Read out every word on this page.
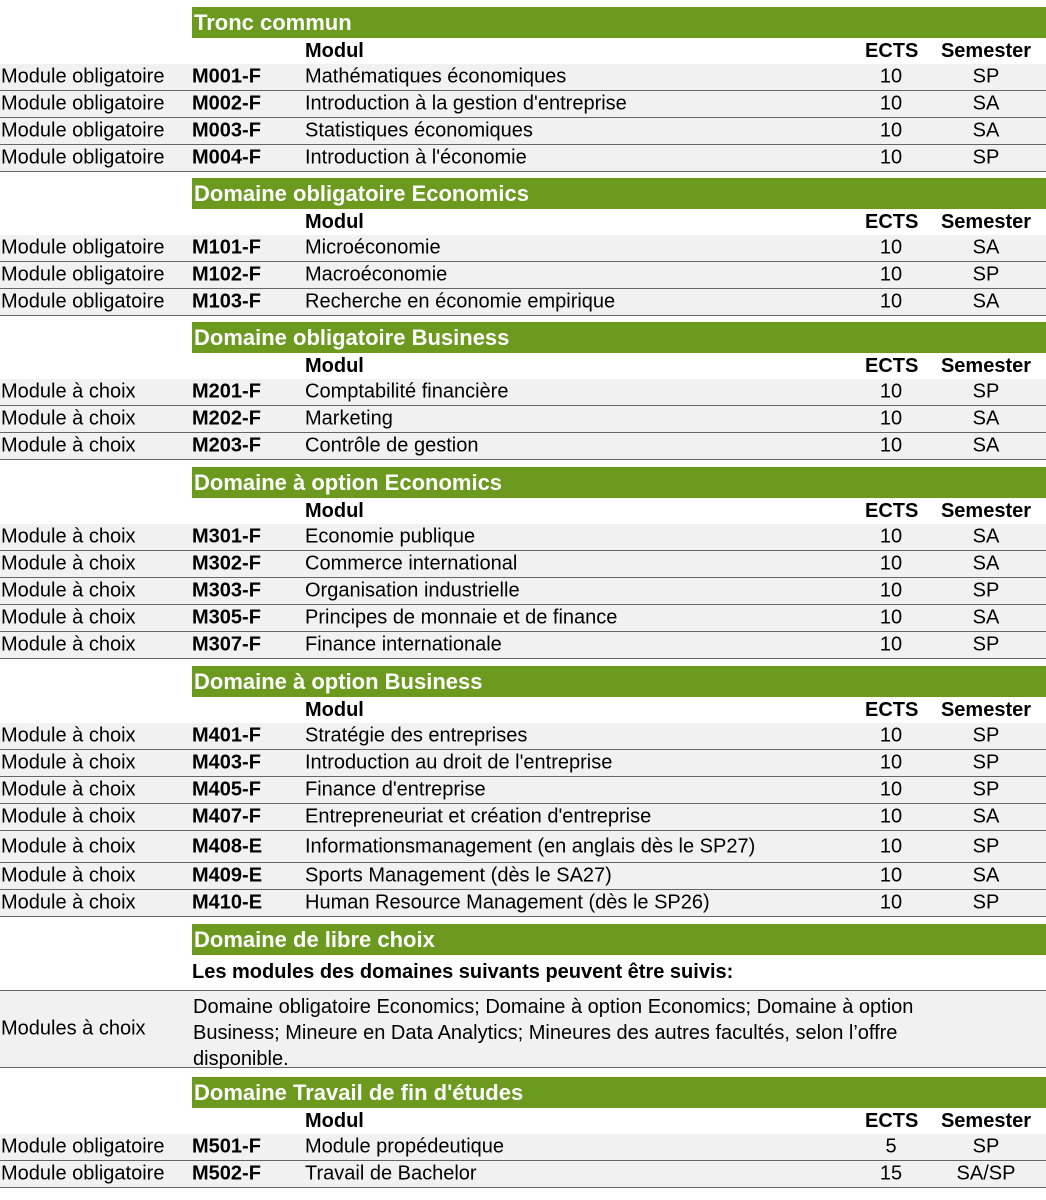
Tronc commun
Modul	ECTS Semester
Module obligatoire M001-F Mathématiques économiques	10	SP
Module obligatoire M002-F Introduction à la gestion d'entreprise	10	SA
Module obligatoire M003-F Statistiques économiques	10	SA
Module obligatoire M004-F Introduction à l'économie	10	SP
Domaine obligatoire Economics
Modul	ECTS Semester
Module obligatoire M101-F Microéconomie	10	SA
Module obligatoire M102-F Macroéconomie	10	SP
Module obligatoire M103-F Recherche en économie empirique	10	SA
Domaine obligatoire Business
Modul	ECTS Semester
Module à choix	M201-F Comptabilité financière	10	SP
Module à choix	M202-F Marketing	10	SA
Module à choix	M203-F Contrôle de gestion	10	SA
Domaine à option Economics
Modul	ECTS Semester
Module à choix	M301-F Economie publique	10	SA
Module à choix	M302-F Commerce international	10	SA
Module à choix	M303-F Organisation industrielle	10	SP
Module à choix	M305-F Principes de monnaie et de finance	10	SA
Module à choix	M307-F Finance internationale	10	SP
Domaine à option Business
Modul	ECTS Semester
Module à choix	M401-F Stratégie des entreprises	10	SP
Module à choix	M403-F Introduction au droit de l'entreprise	10	SP
Module à choix	M405-F Finance d'entreprise	10	SP
Module à choix	M407-F Entrepreneuriat et création d'entreprise	10	SA
Module à choix	M408-E Informationsmanagement (en anglais dès le SP27)	10	SP
Module à choix	M409-E Sports Management (dès le SA27)	10	SA
Module à choix	M410-E Human Resource Management (dès le SP26)	10	SP
Domaine de libre choix
Les modules des domaines suivants peuvent être suivis:
Modules à choix
Domaine obligatoire Economics; Domaine à option Economics; Domaine à option Business; Mineure en Data Analytics; Mineures des autres facultés, selon l’offre disponible.
Domaine Travail de fin d'études
Modul	ECTS Semester
Module obligatoire M501-F Module propédeutique	5	SP
Module obligatoire M502-F Travail de Bachelor	15	SA/SP
